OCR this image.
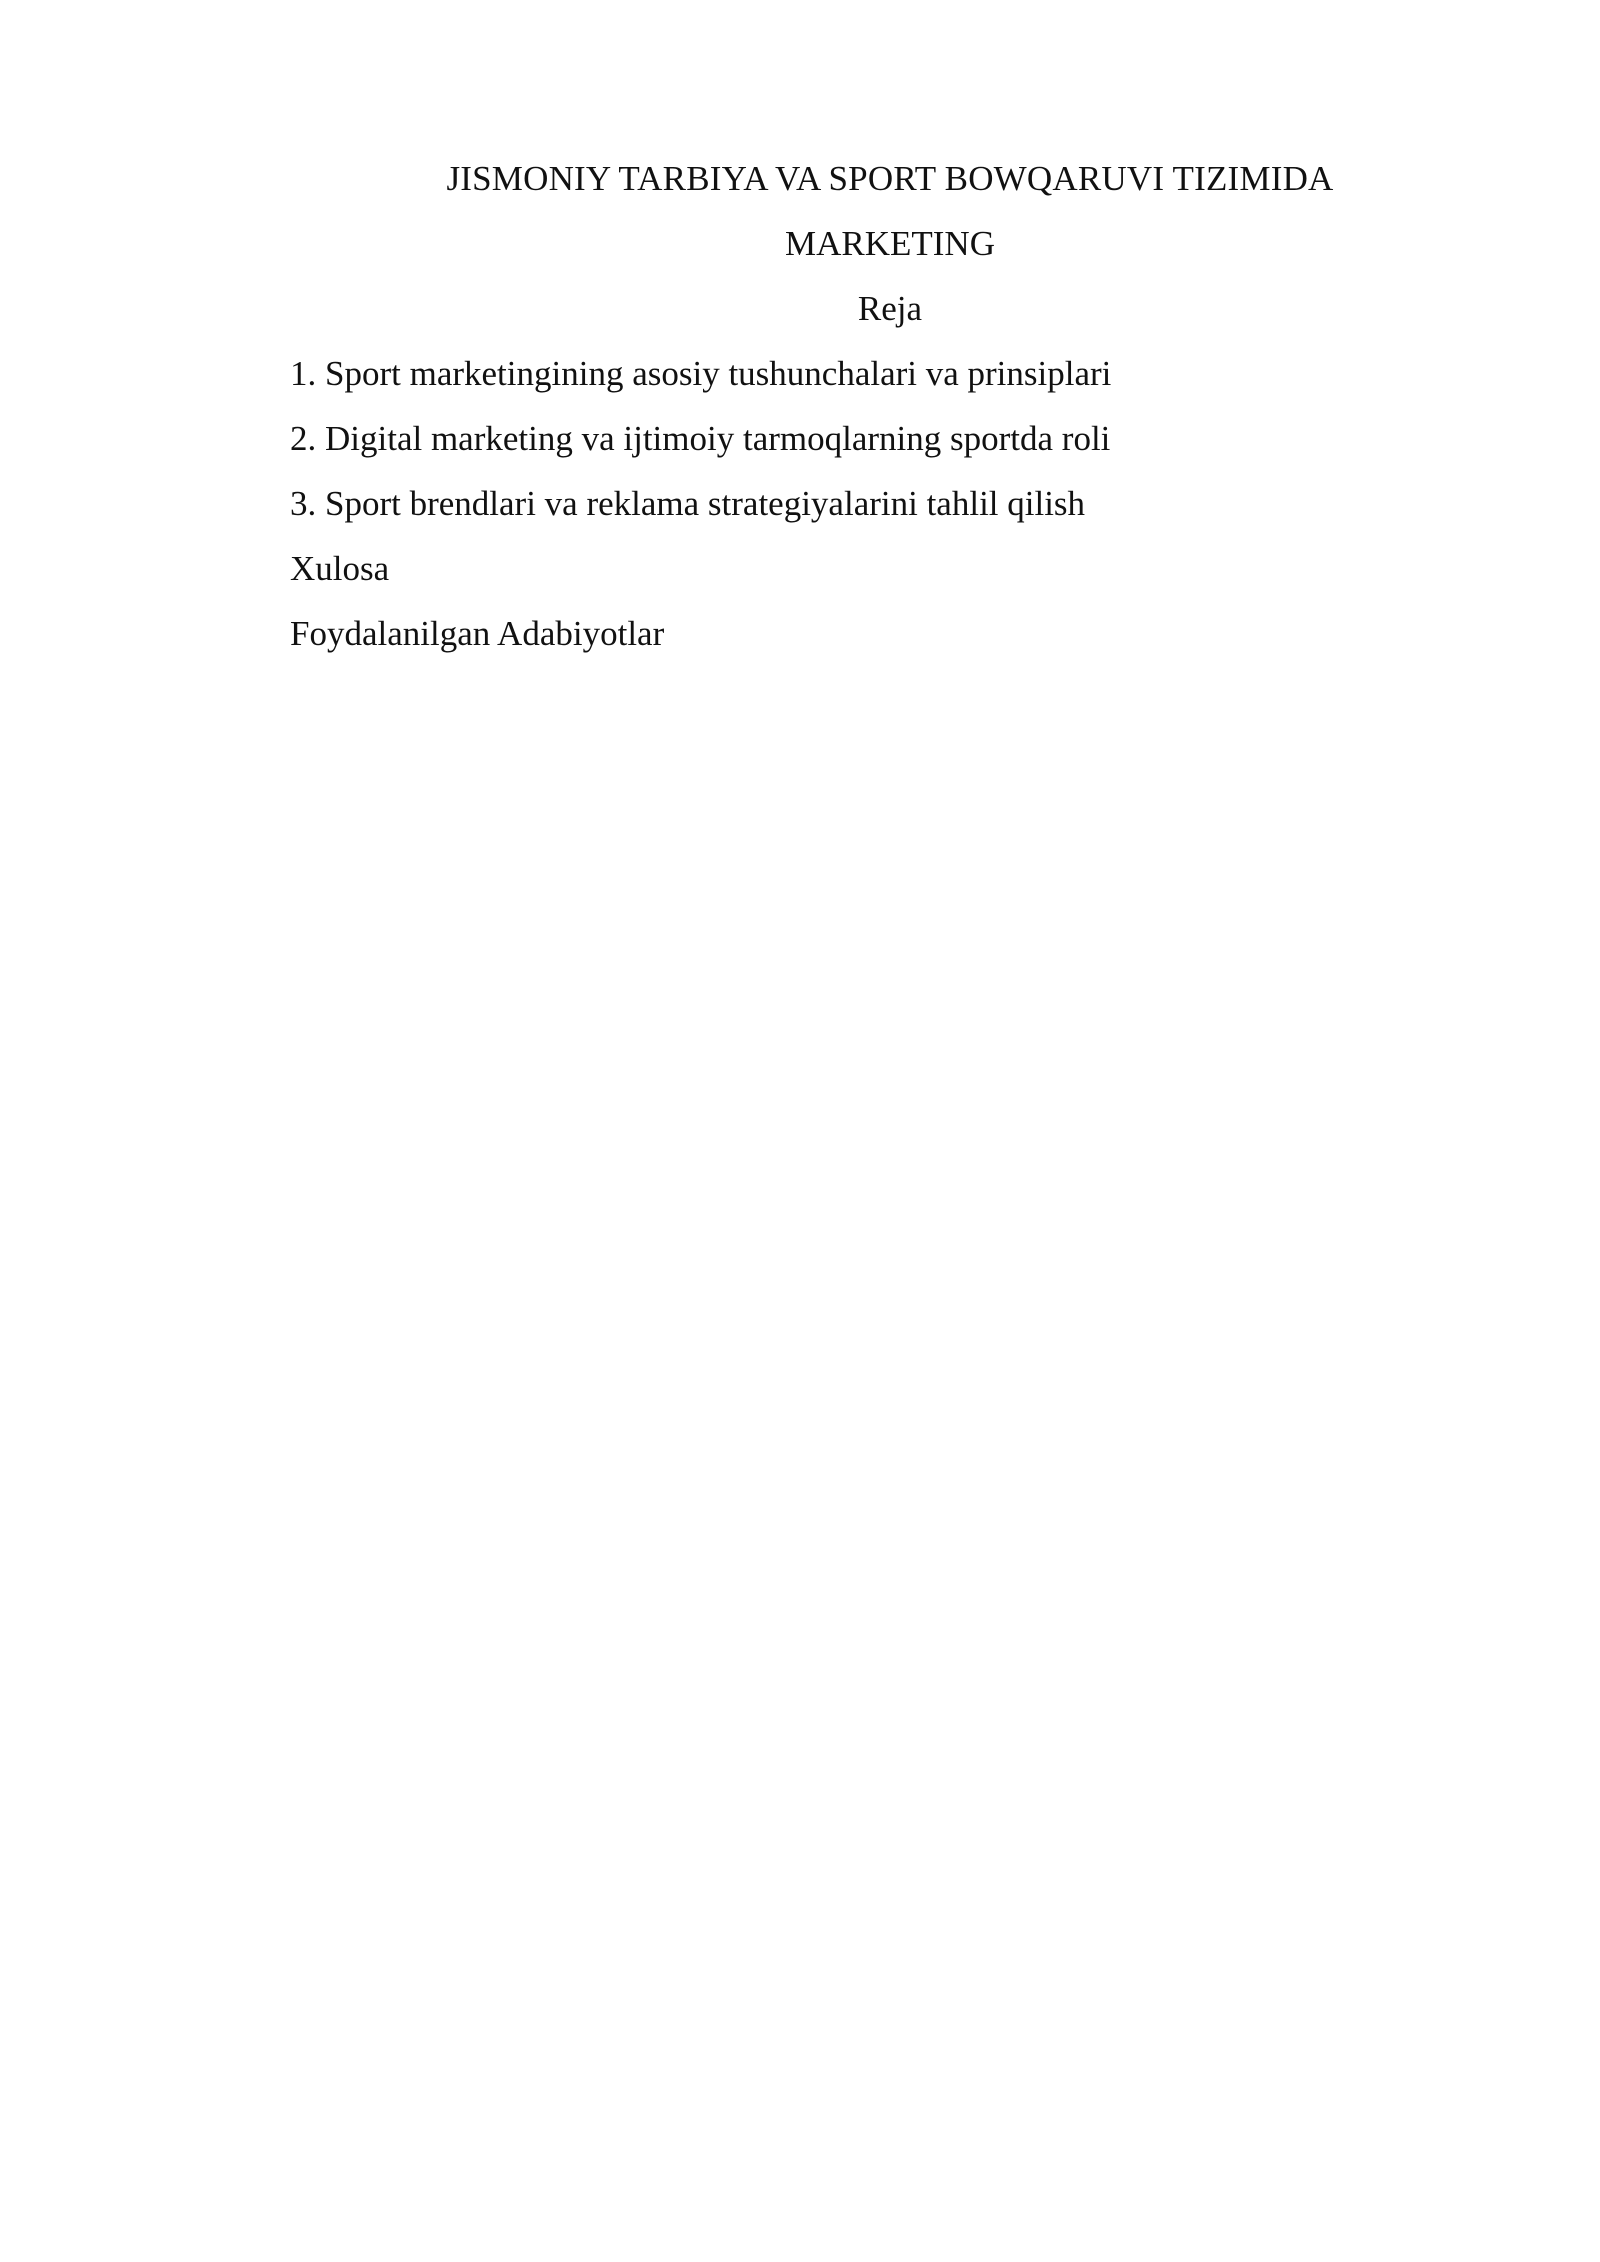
JISMONIY TARBIYA VA SPORT BOWQARUVI TIZIMIDA
MARKETING
Reja
1. Sport marketingining asosiy tushunchalari va prinsiplari
2. Digital marketing va ijtimoiy tarmoqlarning sportda roli
3. Sport brendlari va reklama strategiyalarini tahlil qilish
Xulosa
Foydalanilgan Adabiyotlar
